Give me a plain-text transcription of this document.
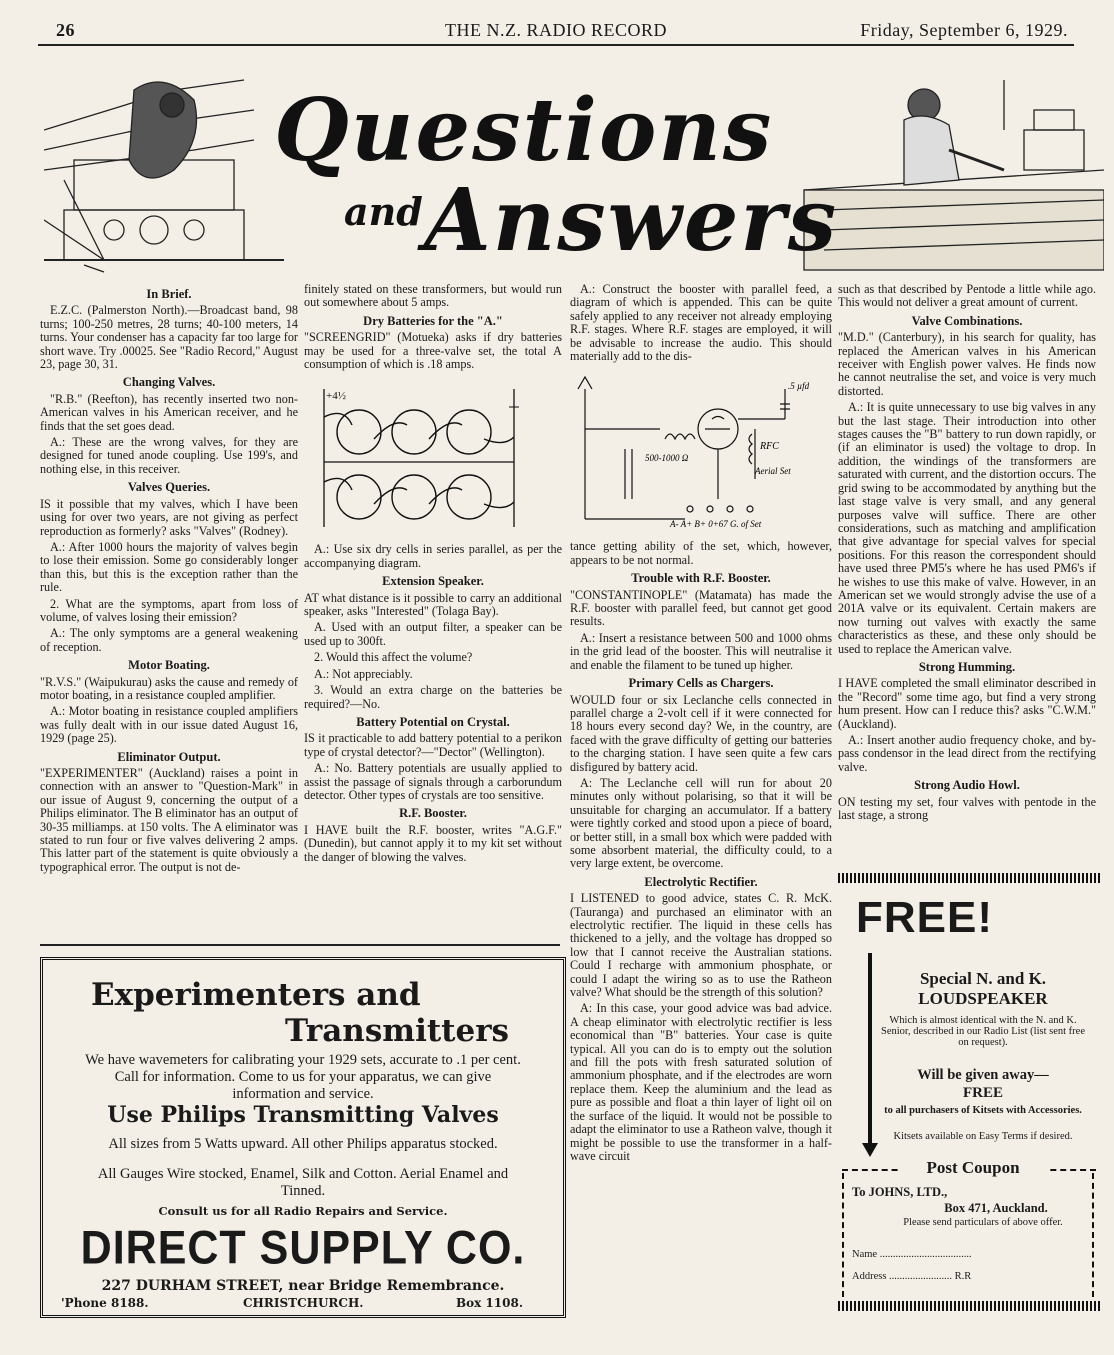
26	THE N.Z. RADIO RECORD	Friday, September 6, 1929.
Questions
and Answers
In Brief.

E.Z.C. (Palmerston North).—Broadcast band, 98 turns; 100-250 metres, 28 turns; 40-100 meters, 14 turns. Your condenser has a capacity far too large for short wave. Try .00025. See "Radio Record," August 23, page 30, 31.

Changing Valves.

"R.B." (Reefton), has recently inserted two non-American valves in his American receiver, and he finds that the set goes dead.

A.: These are the wrong valves, for they are designed for tuned anode coupling. Use 199's, and nothing else, in this receiver.

Valves Queries.

IS it possible that my valves, which I have been using for over two years, are not giving as perfect reproduction as formerly? asks "Valves" (Rodney).

A.: After 1000 hours the majority of valves begin to lose their emission. Some go considerably longer than this, but this is the exception rather than the rule.

2. What are the symptoms, apart from loss of volume, of valves losing their emission?

A.: The only symptoms are a general weakening of reception.

Motor Boating.

"R.V.S." (Waipukurau) asks the cause and remedy of motor boating, in a resistance coupled amplifier.

A.: Motor boating in resistance coupled amplifiers was fully dealt with in our issue dated August 16, 1929 (page 25).

Eliminator Output.

"EXPERIMENTER" (Auckland) raises a point in connection with an answer to "Question-Mark" in our issue of August 9, concerning the output of a Philips eliminator. The B eliminator has an output of 30-35 milliamps. at 150 volts. The A eliminator was stated to run four or five valves delivering 2 amps. This latter part of the statement is quite obviously a typographical error. The output is not de-

finitely stated on these transformers, but would run out somewhere about 5 amps.

Dry Batteries for the "A."

"SCREENGRID" (Motueka) asks if dry batteries may be used for a three-valve set, the total A consumption of which is .18 amps.

+4½

A.: Use six dry cells in series parallel, as per the accompanying diagram.

Extension Speaker.

AT what distance is it possible to carry an additional speaker, asks "Interested" (Tolaga Bay).

A. Used with an output filter, a speaker can be used up to 300ft.

2. Would this affect the volume?

A.: Not appreciably.

3. Would an extra charge on the batteries be required?—No.

Battery Potential on Crystal.

IS it practicable to add battery potential to a perikon type of crystal detector?—"Dector" (Wellington).

A.: No. Battery potentials are usually applied to assist the passage of signals through a carborundum detector. Other types of crystals are too sensitive.

R.F. Booster.

I HAVE built the R.F. booster, writes "A.G.F." (Dunedin), but cannot apply it to my kit set without the danger of blowing the valves.

A.: Construct the booster with parallel feed, a diagram of which is appended. This can be quite safely applied to any receiver not already employing R.F. stages. Where R.F. stages are employed, it will be advisable to increase the audio. This should materially add to the dis-

500-1000 Ω
RFC
.5 µfd
Aerial Set
A- A+ B+ 0+67 G. of Set

tance getting ability of the set, which, however, appears to be not normal.

Trouble with R.F. Booster.

"CONSTANTINOPLE" (Matamata) has made the R.F. booster with parallel feed, but cannot get good results.

A.: Insert a resistance between 500 and 1000 ohms in the grid lead of the booster. This will neutralise it and enable the filament to be tuned up higher.

Primary Cells as Chargers.

WOULD four or six Leclanche cells connected in parallel charge a 2-volt cell if it were connected for 18 hours every second day? We, in the country, are faced with the grave difficulty of getting our batteries to the charging station. I have seen quite a few cars disfigured by battery acid.

A: The Leclanche cell will run for about 20 minutes only without polarising, so that it will be unsuitable for charging an accumulator. If a battery were tightly corked and stood upon a piece of board, or better still, in a small box which were padded with some absorbent material, the difficulty could, to a very large extent, be overcome.

Electrolytic Rectifier.

I LISTENED to good advice, states C. R. McK. (Tauranga) and purchased an eliminator with an electrolytic rectifier. The liquid in these cells has thickened to a jelly, and the voltage has dropped so low that I cannot receive the Australian stations. Could I recharge with ammonium phosphate, or could I adapt the wiring so as to use the Ratheon valve? What should be the strength of this solution?

A: In this case, your good advice was bad advice. A cheap eliminator with electrolytic rectifier is less economical than "B" batteries. Your case is quite typical. All you can do is to empty out the solution and fill the pots with fresh saturated solution of ammonium phosphate, and if the electrodes are worn replace them. Keep the aluminium and the lead as pure as possible and float a thin layer of light oil on the surface of the liquid. It would not be possible to adapt the eliminator to use a Ratheon valve, though it might be possible to use the transformer in a half-wave circuit

such as that described by Pentode a little while ago. This would not deliver a great amount of current.

Valve Combinations.

"M.D." (Canterbury), in his search for quality, has replaced the American valves in his American receiver with English power valves. He finds now he cannot neutralise the set, and voice is very much distorted.

A.: It is quite unnecessary to use big valves in any but the last stage. Their introduction into other stages causes the "B" battery to run down rapidly, or (if an eliminator is used) the voltage to drop. In addition, the windings of the transformers are saturated with current, and the distortion occurs. The grid swing to be accommodated by anything but the last stage valve is very small, and any general purposes valve will suffice. There are other considerations, such as matching and amplification that give advantage for special valves for special positions. For this reason the correspondent should have used three PM5's where he has used PM6's if he wishes to use this make of valve. However, in an American set we would strongly advise the use of a 201A valve or its equivalent. Certain makers are now turning out valves with exactly the same characteristics as these, and these only should be used to replace the American valve.

Strong Humming.

I HAVE completed the small eliminator described in the "Record" some time ago, but find a very strong hum present. How can I reduce this? asks "C.W.M." (Auckland).

A.: Insert another audio frequency choke, and by-pass condensor in the lead direct from the rectifying valve.

Strong Audio Howl.

ON testing my set, four valves with pentode in the last stage, a strong

Experimenters and
Transmitters
We have wavemeters for calibrating your 1929 sets, accurate to .1 per cent. Call for information. Come to us for your apparatus, we can give information and service.
Use Philips Transmitting Valves
All sizes from 5 Watts upward. All other Philips apparatus stocked.
All Gauges Wire stocked, Enamel, Silk and Cotton. Aerial Enamel and Tinned.
Consult us for all Radio Repairs and Service.
DIRECT SUPPLY CO.
227 DURHAM STREET, near Bridge Remembrance.
'Phone 8188.	CHRISTCHURCH.	Box 1108.
FREE!
Special N. and K.
LOUDSPEAKER
Which is almost identical with the N. and K. Senior, described in our Radio List (list sent free on request).
Will be given away—
FREE
to all purchasers of Kitsets with Accessories.
Kitsets available on Easy Terms if desired.
Post Coupon
To JOHNS, LTD.,
Box 471, Auckland.
Please send particulars of above offer.
Name ...................................
Address ........................ R.R
